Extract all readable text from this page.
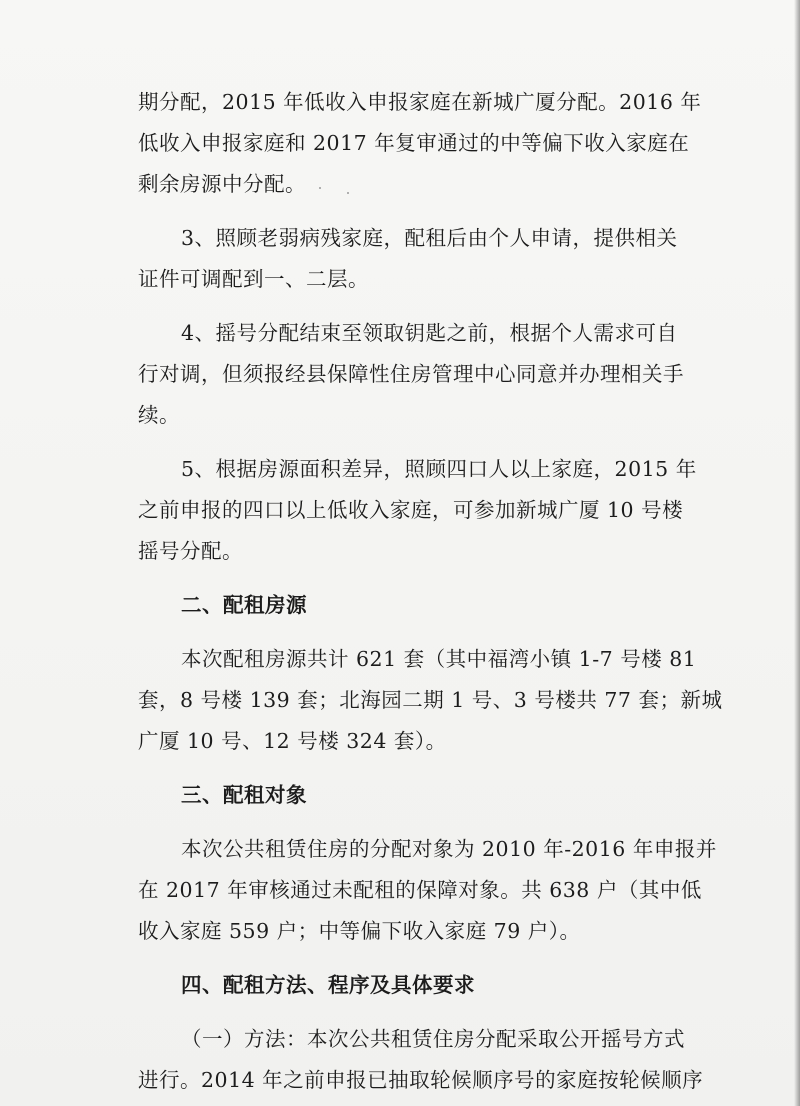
期分配，2015 年低收入申报家庭在新城广厦分配。2016 年
低收入申报家庭和 2017 年复审通过的中等偏下收入家庭在
剩余房源中分配。
3、照顾老弱病残家庭，配租后由个人申请，提供相关
证件可调配到一、二层。
4、摇号分配结束至领取钥匙之前，根据个人需求可自
行对调，但须报经县保障性住房管理中心同意并办理相关手
续。
5、根据房源面积差异，照顾四口人以上家庭，2015 年
之前申报的四口以上低收入家庭，可参加新城广厦 10 号楼
摇号分配。
二、配租房源
本次配租房源共计 621 套（其中福湾小镇 1-7 号楼 81
套，8 号楼 139 套；北海园二期 1 号、3 号楼共 77 套；新城
广厦 10 号、12 号楼 324 套）。
三、配租对象
本次公共租赁住房的分配对象为 2010 年-2016 年申报并
在 2017 年审核通过未配租的保障对象。共 638 户（其中低
收入家庭 559 户；中等偏下收入家庭 79 户）。
四、配租方法、程序及具体要求
（一）方法：本次公共租赁住房分配采取公开摇号方式
进行。2014 年之前申报已抽取轮候顺序号的家庭按轮候顺序
